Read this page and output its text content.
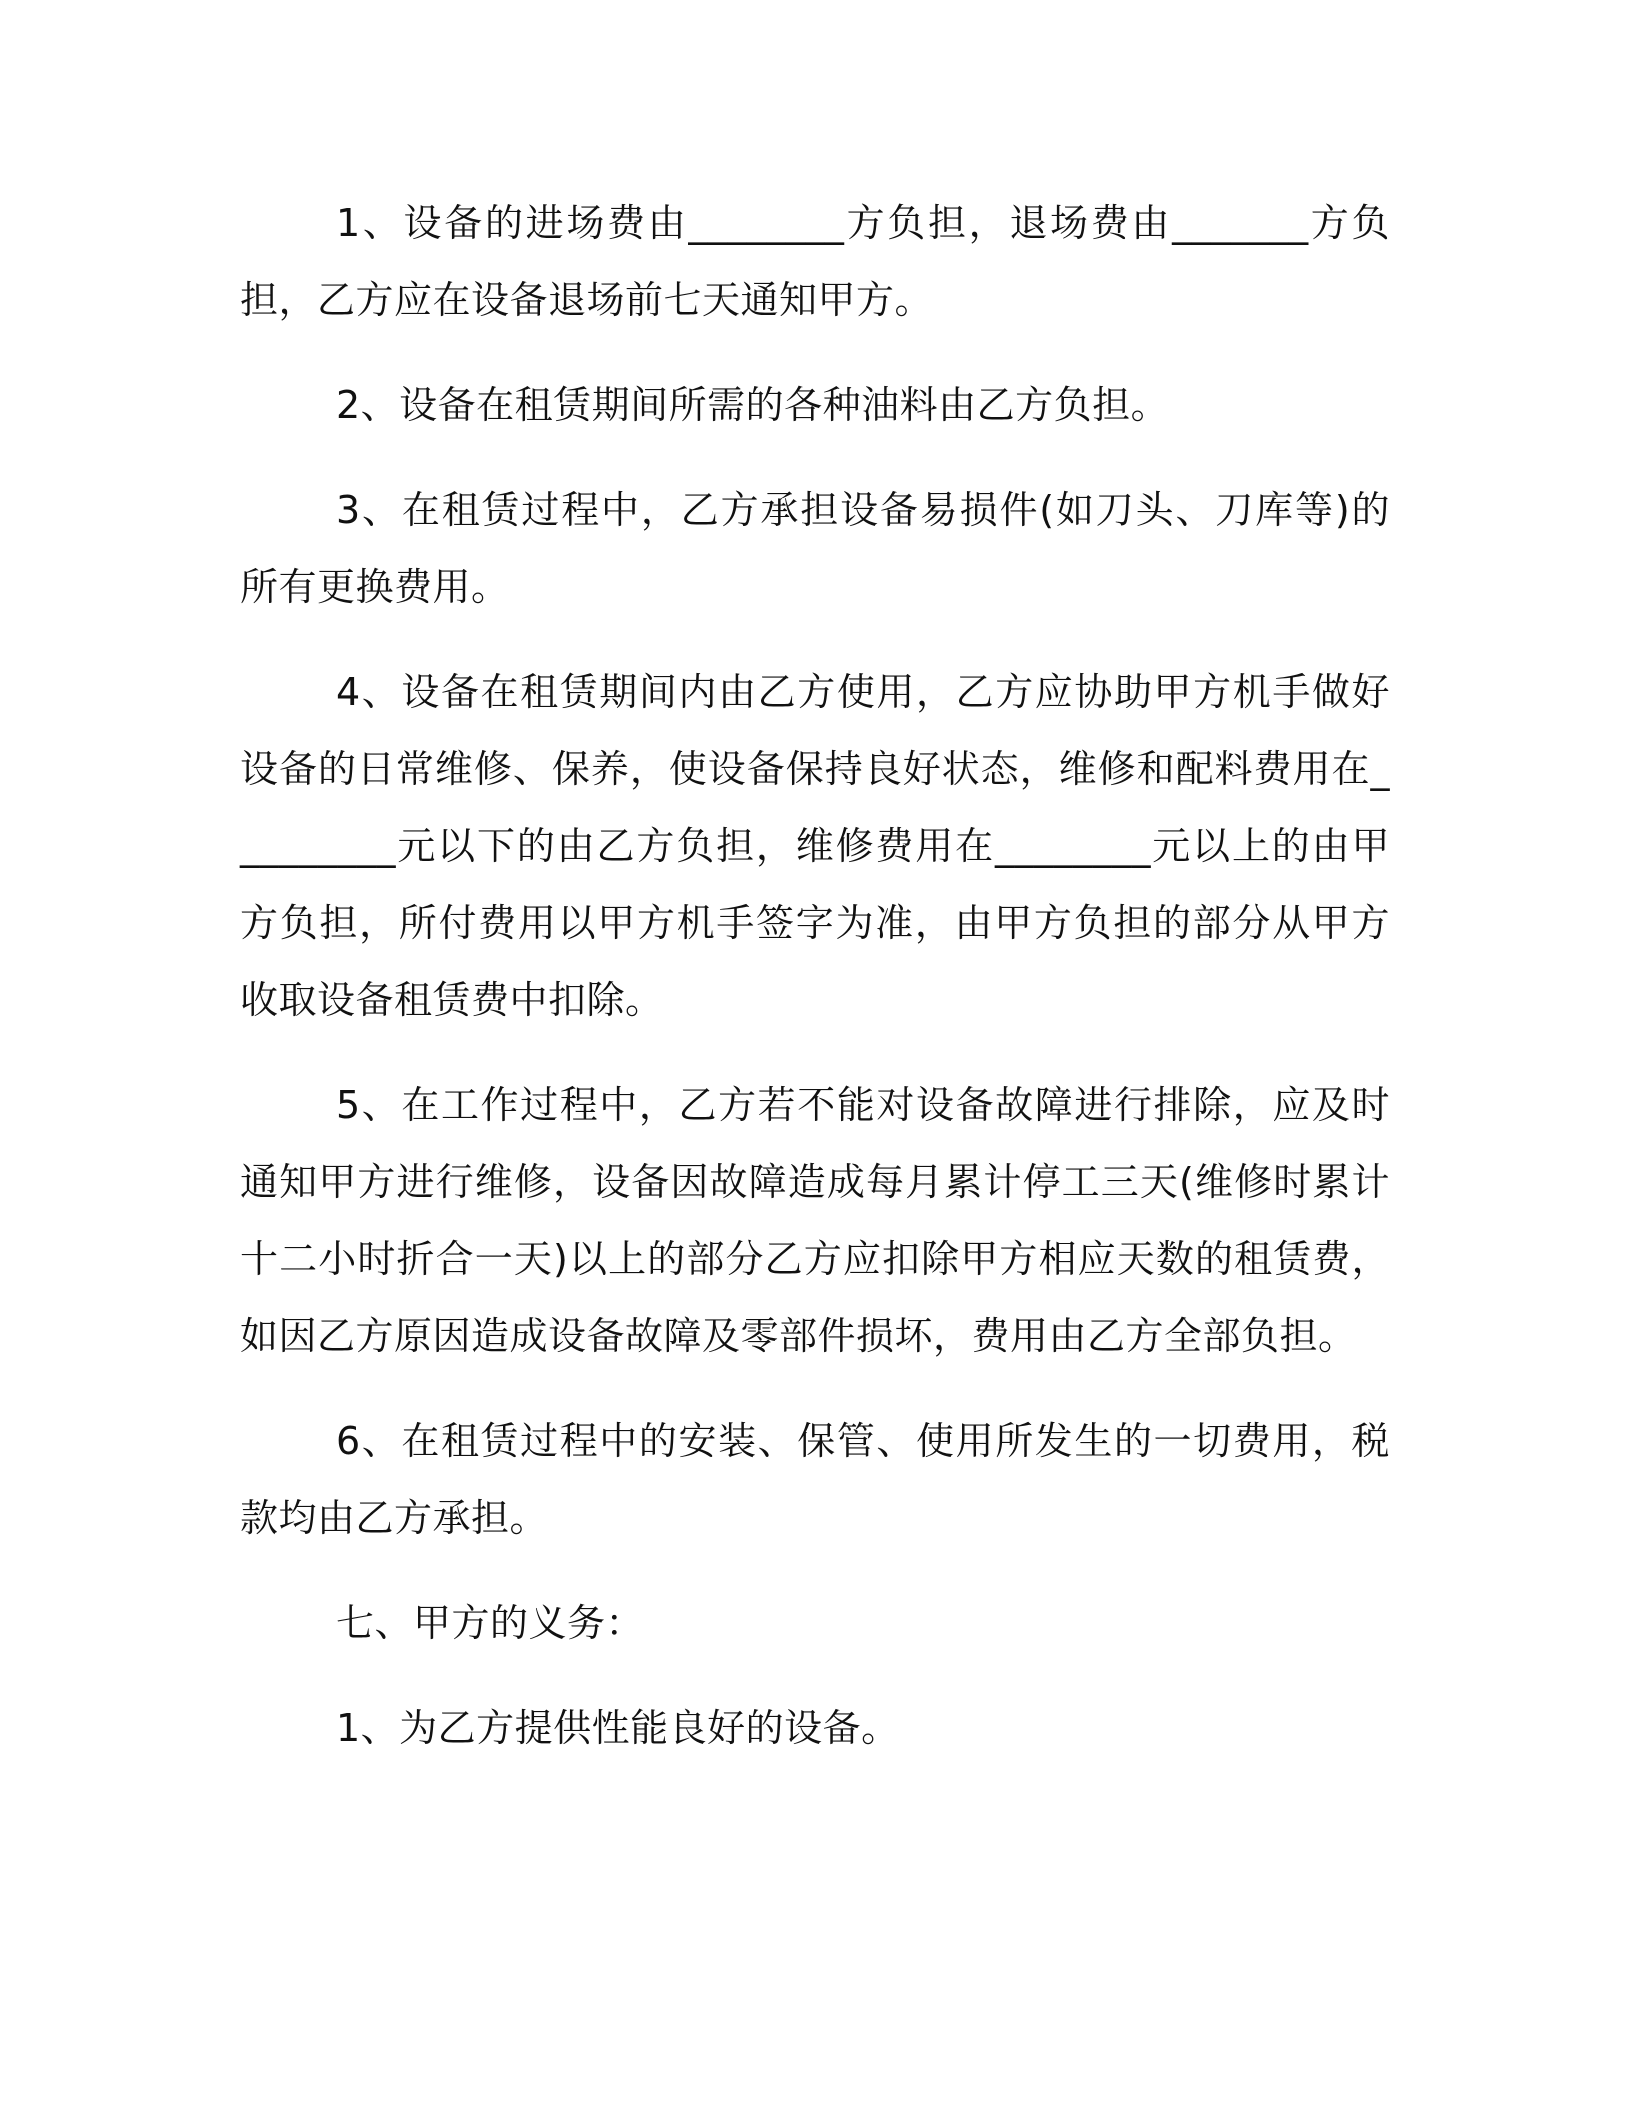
1、设备的进场费由________方负担，退场费由_______方负担，乙方应在设备退场前七天通知甲方。

2、设备在租赁期间所需的各种油料由乙方负担。

3、在租赁过程中，乙方承担设备易损件(如刀头、刀库等)的所有更换费用。

4、设备在租赁期间内由乙方使用，乙方应协助甲方机手做好设备的日常维修、保养，使设备保持良好状态，维修和配料费用在_________元以下的由乙方负担，维修费用在________元以上的由甲方负担，所付费用以甲方机手签字为准，由甲方负担的部分从甲方收取设备租赁费中扣除。

5、在工作过程中，乙方若不能对设备故障进行排除，应及时通知甲方进行维修，设备因故障造成每月累计停工三天(维修时累计十二小时折合一天)以上的部分乙方应扣除甲方相应天数的租赁费，如因乙方原因造成设备故障及零部件损坏，费用由乙方全部负担。

6、在租赁过程中的安装、保管、使用所发生的一切费用，税款均由乙方承担。

七、甲方的义务：

1、为乙方提供性能良好的设备。
